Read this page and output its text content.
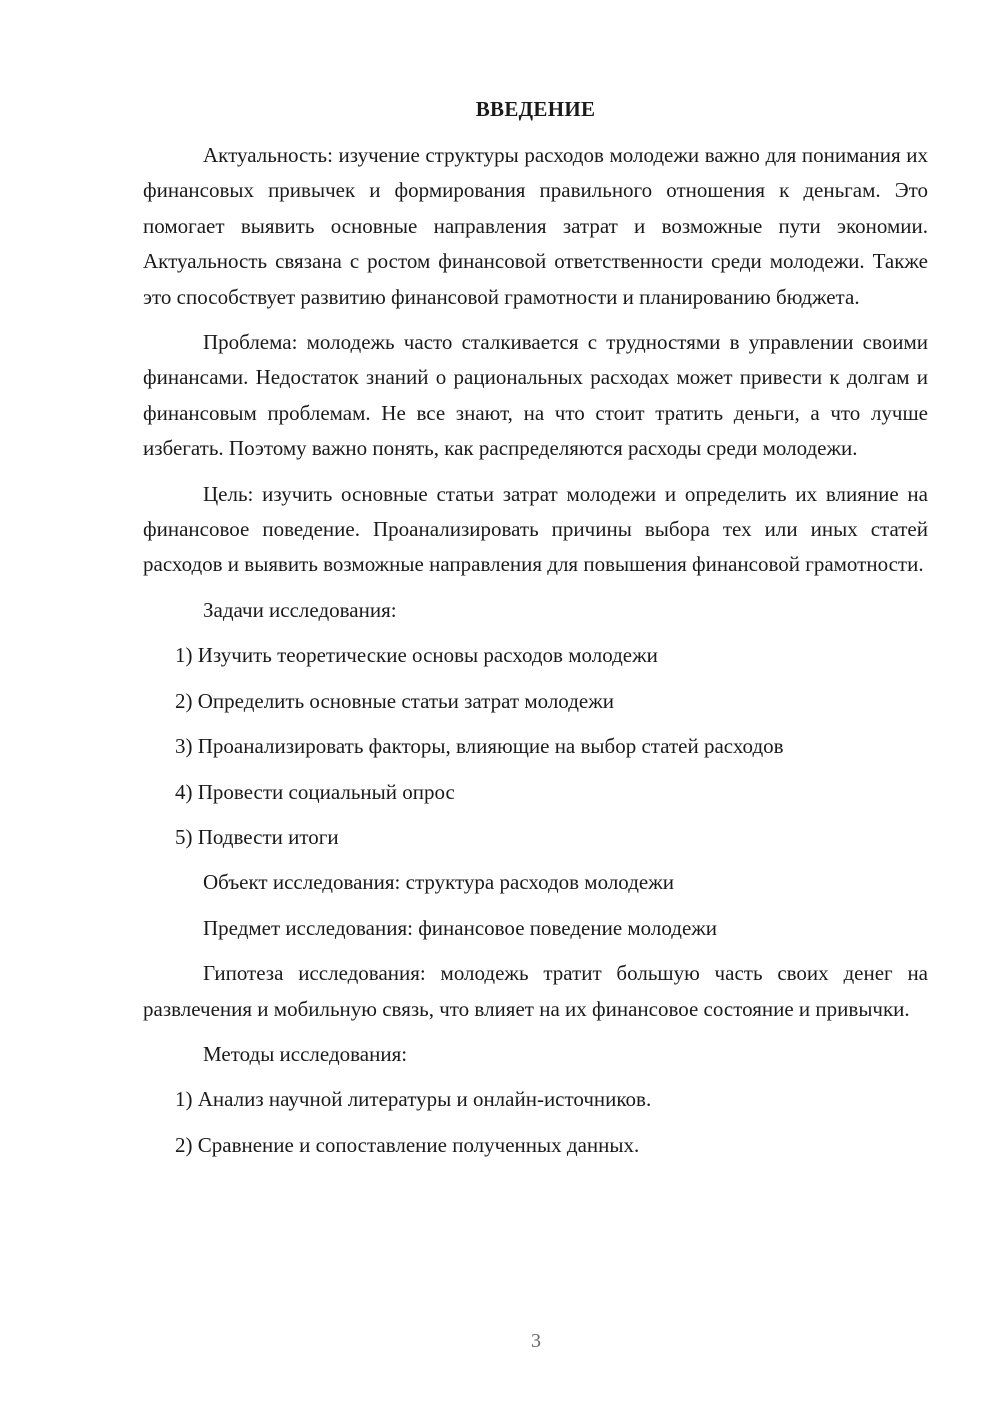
ВВЕДЕНИЕ

Актуальность: изучение структуры расходов молодежи важно для понимания их финансовых привычек и формирования правильного отношения к деньгам. Это помогает выявить основные направления затрат и возможные пути экономии. Актуальность связана с ростом финансовой ответственности среди молодежи. Также это способствует развитию финансовой грамотности и планированию бюджета.

Проблема: молодежь часто сталкивается с трудностями в управлении своими финансами. Недостаток знаний о рациональных расходах может привести к долгам и финансовым проблемам. Не все знают, на что стоит тратить деньги, а что лучше избегать. Поэтому важно понять, как распределяются расходы среди молодежи.

Цель: изучить основные статьи затрат молодежи и определить их влияние на финансовое поведение. Проанализировать причины выбора тех или иных статей расходов и выявить возможные направления для повышения финансовой грамотности.

Задачи исследования:

1) Изучить теоретические основы расходов молодежи

2) Определить основные статьи затрат молодежи

3) Проанализировать факторы, влияющие на выбор статей расходов

4) Провести социальный опрос

5) Подвести итоги

Объект исследования: структура расходов молодежи

Предмет исследования: финансовое поведение молодежи

Гипотеза исследования: молодежь тратит большую часть своих денег на развлечения и мобильную связь, что влияет на их финансовое состояние и привычки.

Методы исследования:

1) Анализ научной литературы и онлайн-источников.

2) Сравнение и сопоставление полученных данных.

3
